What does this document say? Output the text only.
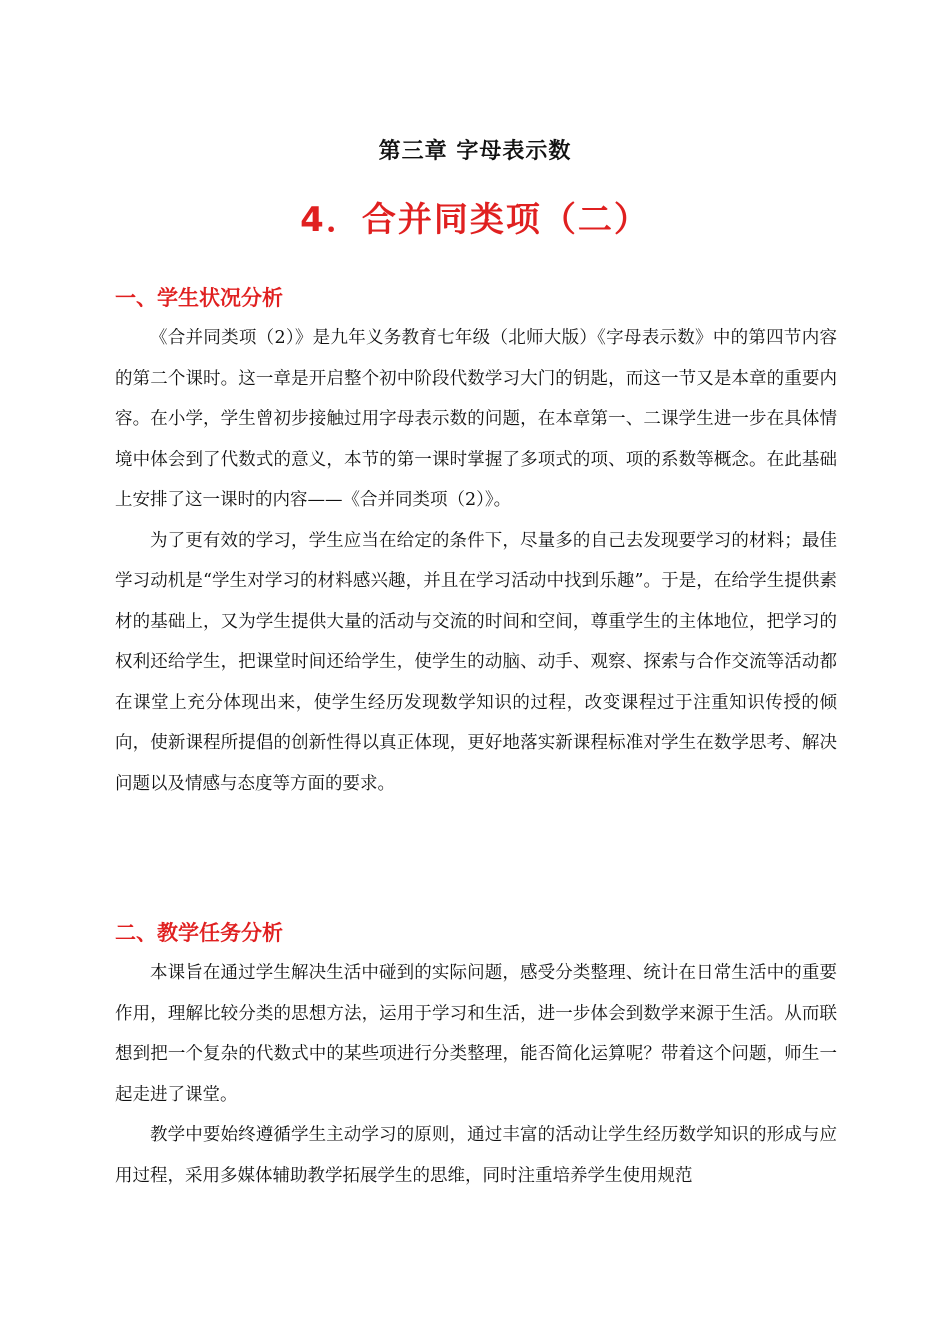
第三章 字母表示数
4．合并同类项（二）
一、学生状况分析

《合并同类项（2）》是九年义务教育七年级（北师大版）《字母表示数》中的第四节内容的第二个课时。这一章是开启整个初中阶段代数学习大门的钥匙，而这一节又是本章的重要内容。在小学，学生曾初步接触过用字母表示数的问题，在本章第一、二课学生进一步在具体情境中体会到了代数式的意义，本节的第一课时掌握了多项式的项、项的系数等概念。在此基础上安排了这一课时的内容——《合并同类项（2）》。

为了更有效的学习，学生应当在给定的条件下，尽量多的自己去发现要学习的材料；最佳学习动机是“学生对学习的材料感兴趣，并且在学习活动中找到乐趣”。于是，在给学生提供素材的基础上，又为学生提供大量的活动与交流的时间和空间，尊重学生的主体地位，把学习的权利还给学生，把课堂时间还给学生，使学生的动脑、动手、观察、探索与合作交流等活动都在课堂上充分体现出来，使学生经历发现数学知识的过程，改变课程过于注重知识传授的倾向，使新课程所提倡的创新性得以真正体现，更好地落实新课程标准对学生在数学思考、解决问题以及情感与态度等方面的要求。

二、教学任务分析

本课旨在通过学生解决生活中碰到的实际问题，感受分类整理、统计在日常生活中的重要作用，理解比较分类的思想方法，运用于学习和生活，进一步体会到数学来源于生活。从而联想到把一个复杂的代数式中的某些项进行分类整理，能否简化运算呢？带着这个问题，师生一起走进了课堂。

教学中要始终遵循学生主动学习的原则，通过丰富的活动让学生经历数学知识的形成与应用过程，采用多媒体辅助教学拓展学生的思维，同时注重培养学生使用规范
